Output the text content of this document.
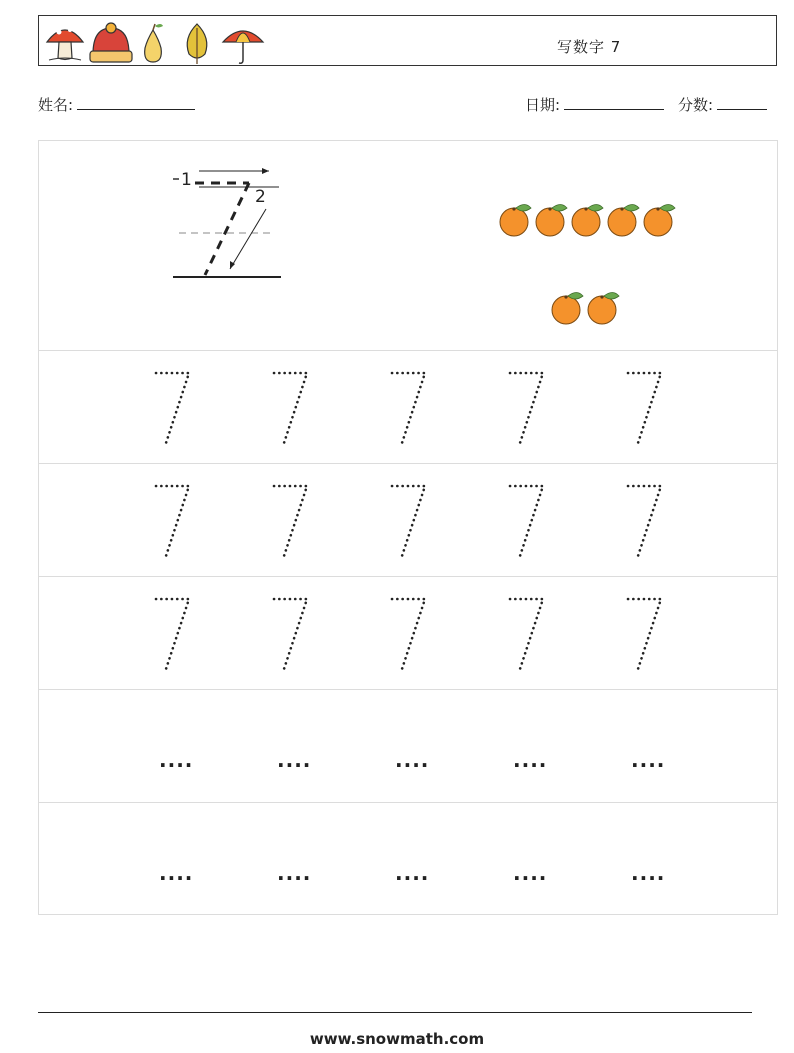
写数字 7
姓名:	日期:	分数:
1
2
....	....	....	....	....
....	....	....	....	....
www.snowmath.com
